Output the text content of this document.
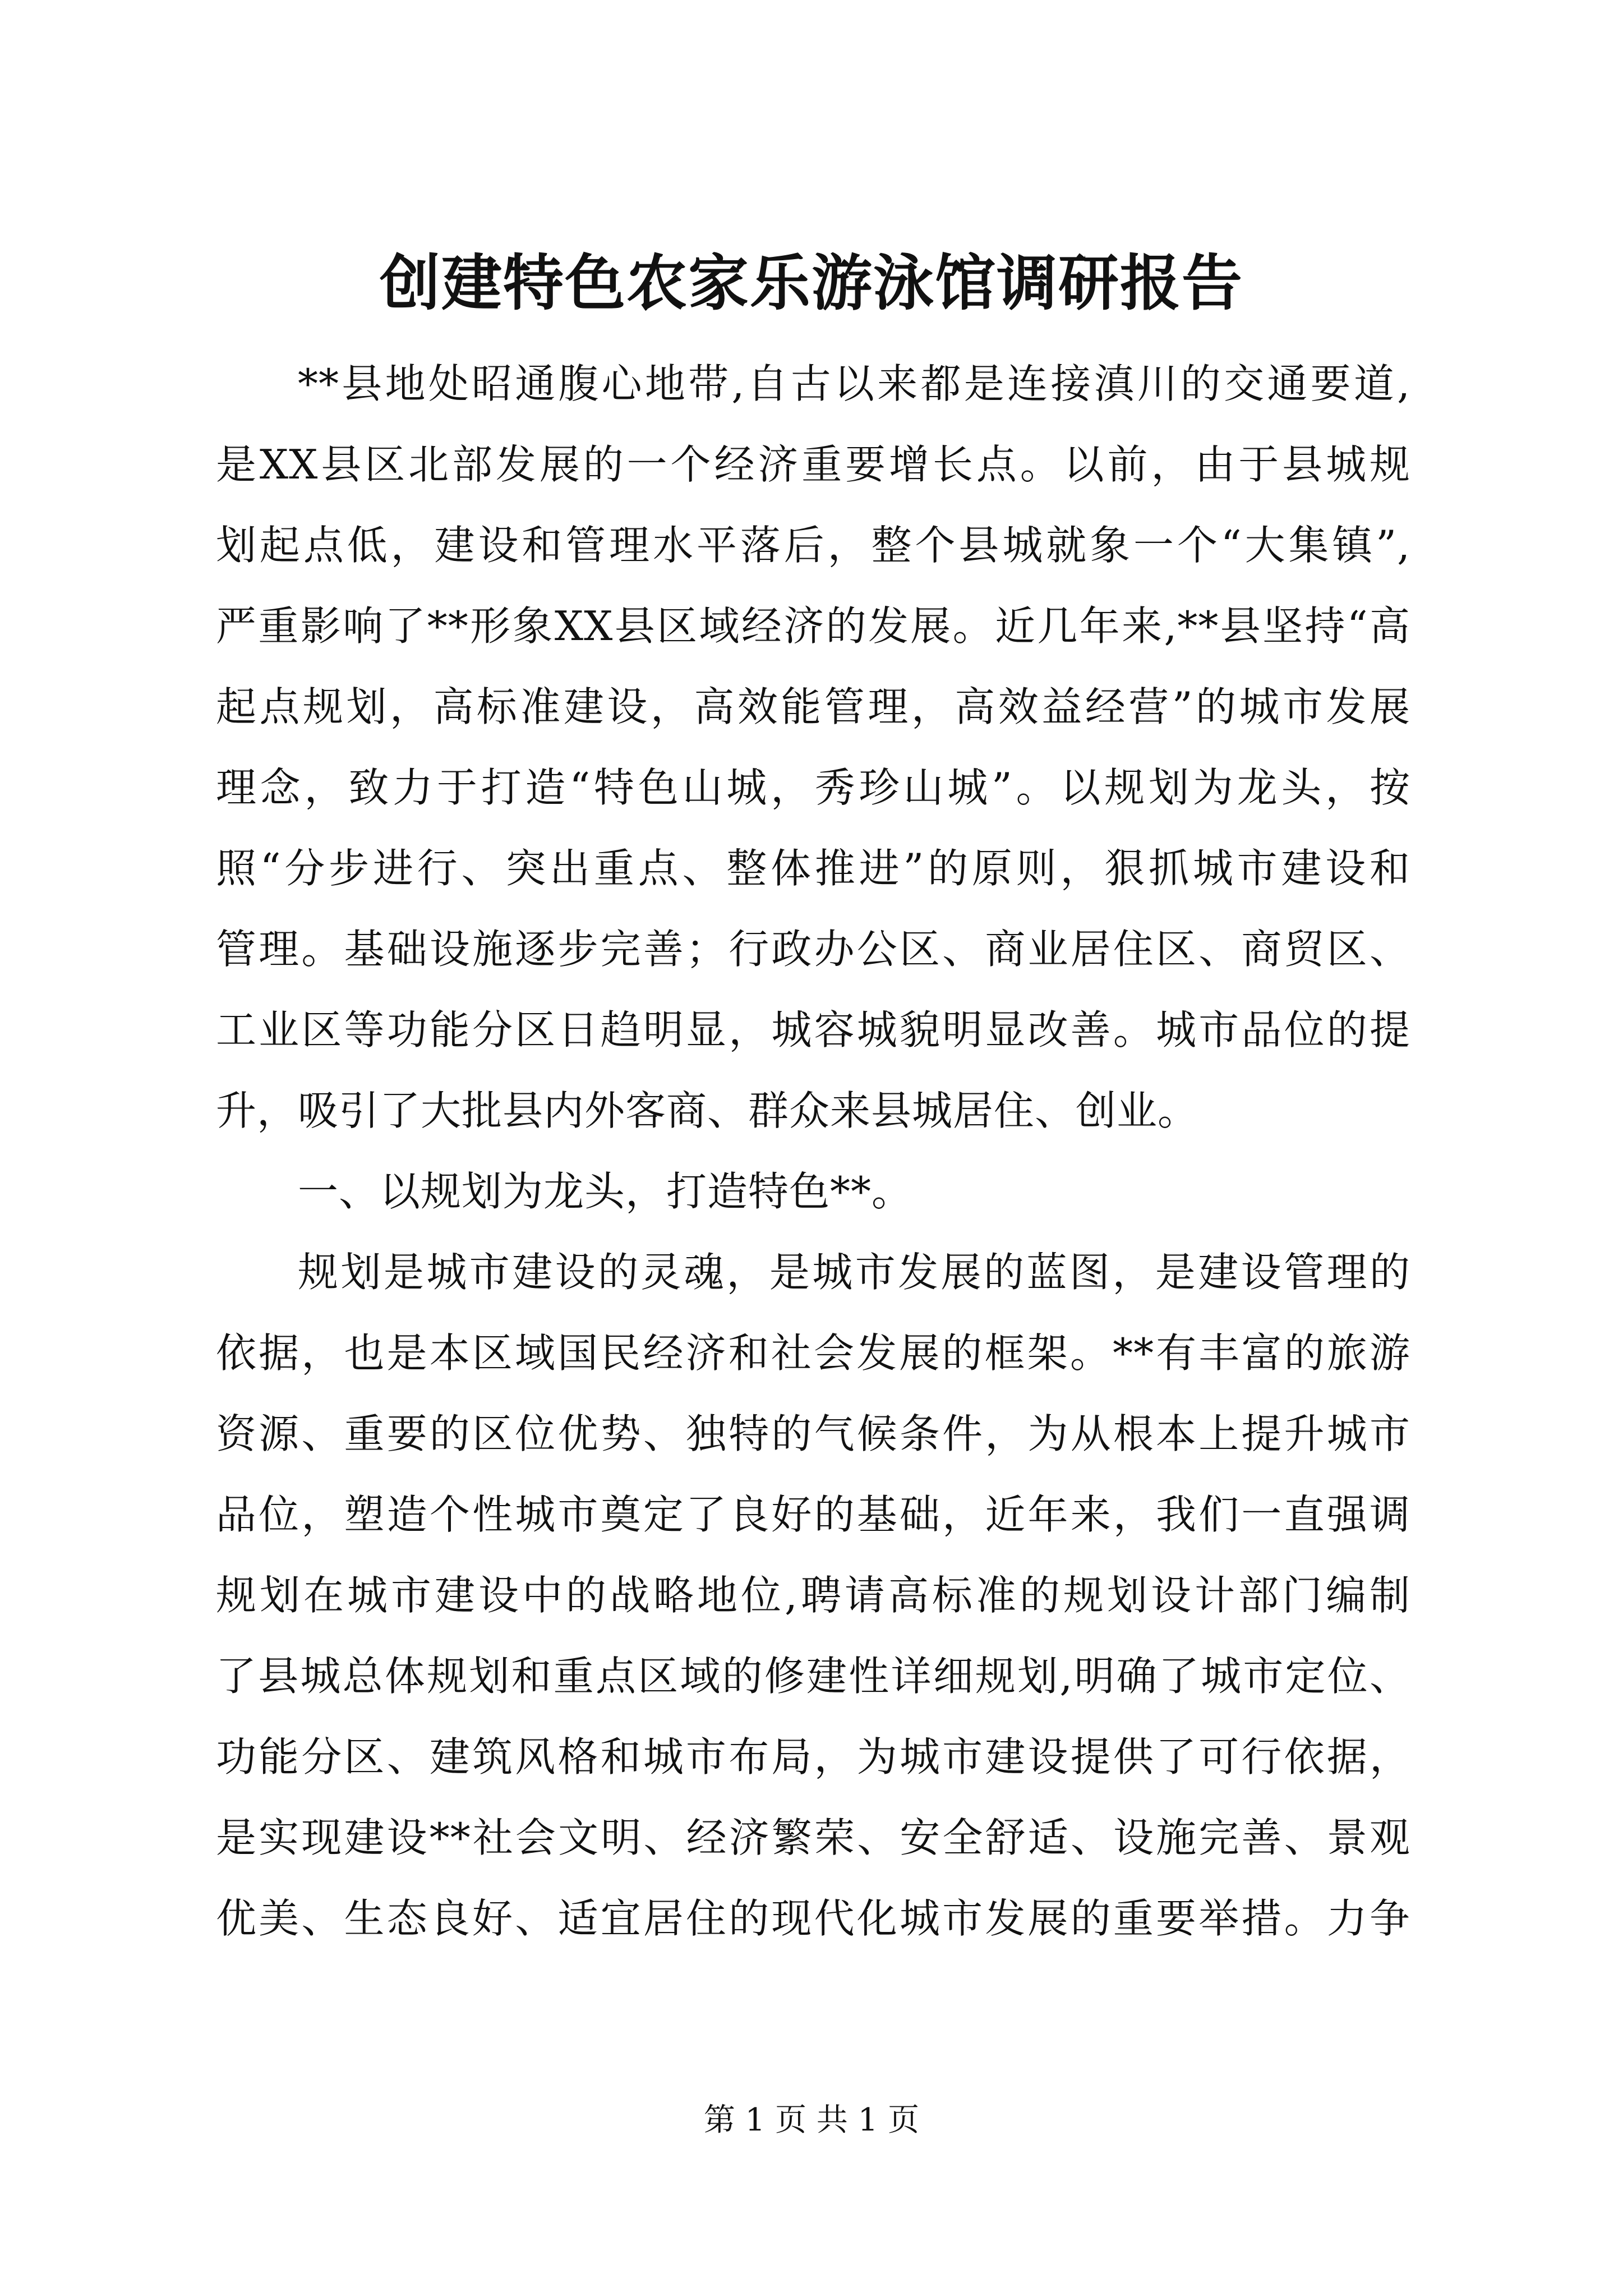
创建特色农家乐游泳馆调研报告
**县地处昭通腹心地带,自古以来都是连接滇川的交通要道,
是XX县区北部发展的一个经济重要增长点。以前，由于县城规
划起点低，建设和管理水平落后，整个县城就象一个“大集镇”,
严重影响了**形象XX县区域经济的发展。近几年来,**县坚持“高
起点规划，高标准建设，高效能管理，高效益经营”的城市发展
理念，致力于打造“特色山城，秀珍山城”。以规划为龙头，按
照“分步进行、突出重点、整体推进”的原则，狠抓城市建设和
管理。基础设施逐步完善；行政办公区、商业居住区、商贸区、
工业区等功能分区日趋明显，城容城貌明显改善。城市品位的提
升，吸引了大批县内外客商、群众来县城居住、创业。
一、以规划为龙头，打造特色**。
规划是城市建设的灵魂，是城市发展的蓝图，是建设管理的
依据，也是本区域国民经济和社会发展的框架。**有丰富的旅游
资源、重要的区位优势、独特的气候条件，为从根本上提升城市
品位，塑造个性城市奠定了良好的基础，近年来，我们一直强调
规划在城市建设中的战略地位,聘请高标准的规划设计部门编制
了县城总体规划和重点区域的修建性详细规划,明确了城市定位、
功能分区、建筑风格和城市布局，为城市建设提供了可行依据，
是实现建设**社会文明、经济繁荣、安全舒适、设施完善、景观
优美、生态良好、适宜居住的现代化城市发展的重要举措。力争
第 1 页 共 1 页
